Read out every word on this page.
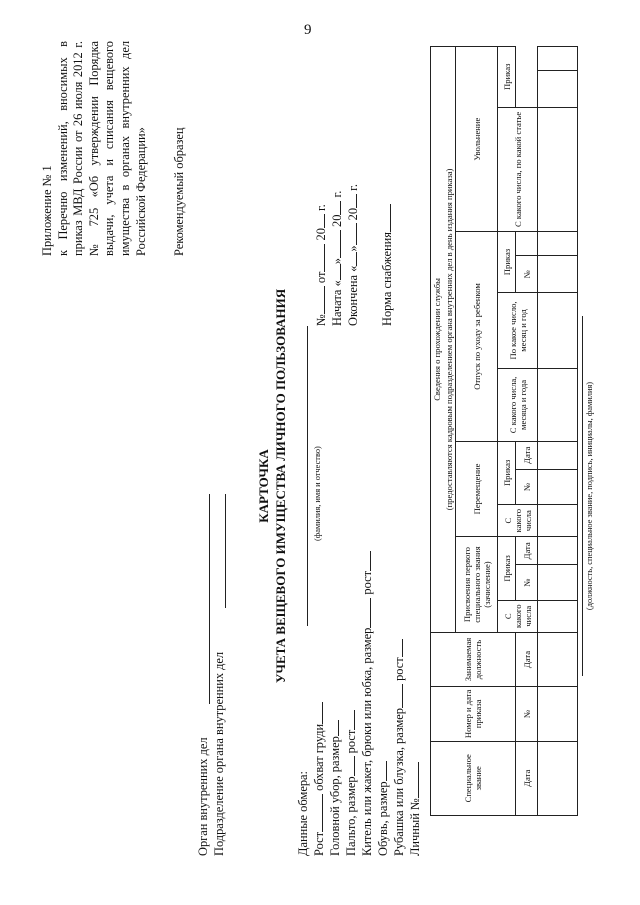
9
Приложение № 1 к Перечню изменений, вносимых в приказ МВД России от 26 июля 2012 г. № 725 «Об утверждении Порядка выдачи, учета и списания вещевого имущества в органах внутренних дел Российской Федерации» Рекомендуемый образец
КАРТОЧКА УЧЕТА ВЕЩЕВОГО ИМУЩЕСТВА ЛИЧНОГО ПОЛЬЗОВАНИЯ	(фамилия, имя и отчество)
Орган внутренних дел Подразделение органа внутренних дел	Данные обмера: Рост обхват груди Головной убор, размер Пальто, размер рост Китель или жакет, брюки или юбка, размер рост
Обувь, размер Рубашка или блузка, размер рост
Личный №
№ от 20 г.
Начата «» 20 г.
Окончена «» 20 г.
Норма снабжения
Специальное звание	Номер и дата приказа	Занимаемая должность	Сведения о прохождении службы												
			(предоставляются кадровым подразделением органа внутренних дел в день издания приказа)												
			Присвоения первого специального звания (зачисление)			Перемещение			Отпуск по уходу за ребенком				Увольнение		
			С какого числа	Приказ		С какого числа	Приказ		С какого числа, месяца и года	По какое число, месяц и год	Приказ		С какого числа, по какой статье	Приказ	
Дата	№	Дата		№	Дата		№	Дата			№				

(должность, специальное звание, подпись, инициалы, фамилия)
